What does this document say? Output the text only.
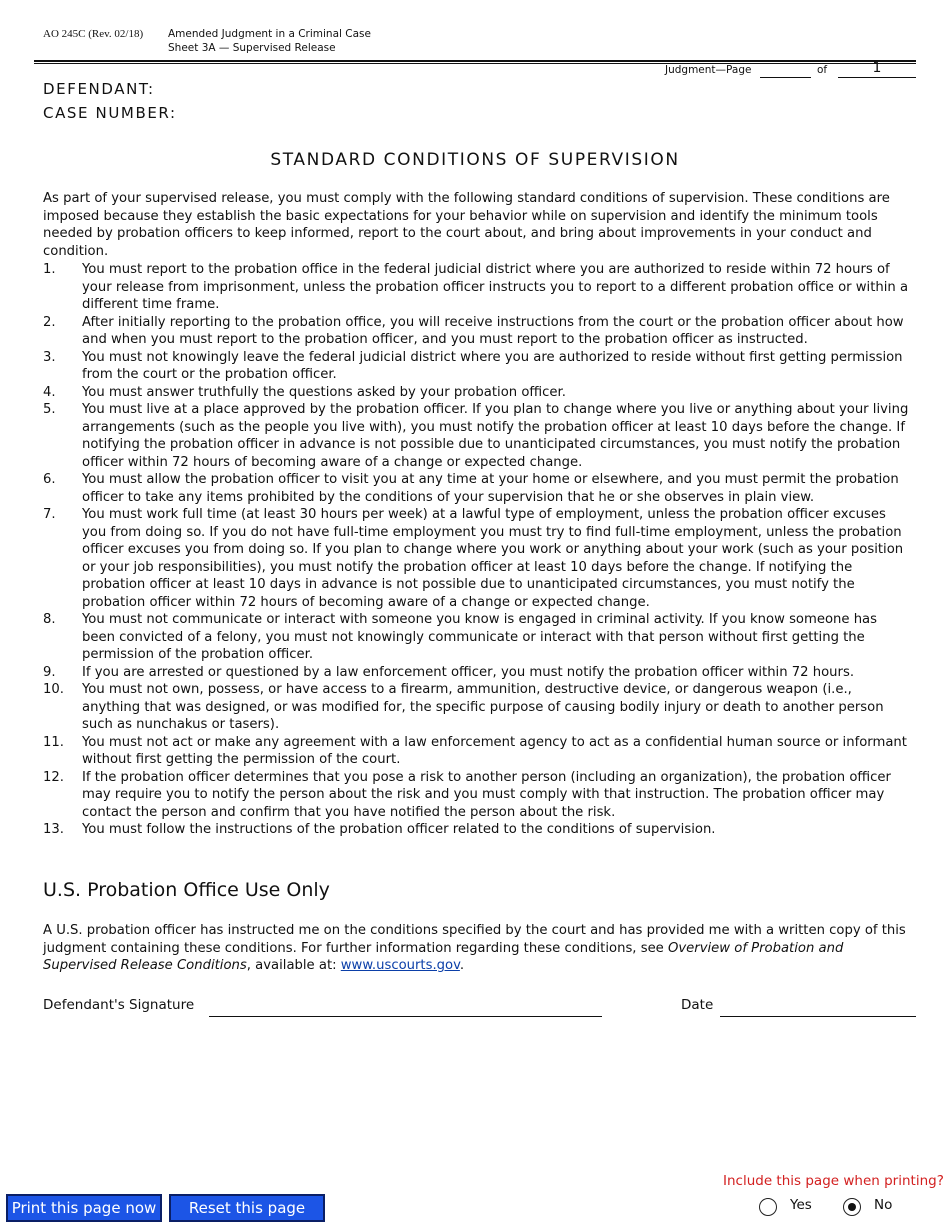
AO 245C (Rev. 02/18) Amended Judgment in a Criminal Case
Sheet 3A — Supervised Release
Judgment—Page	of	1
DEFENDANT:
CASE NUMBER:
STANDARD CONDITIONS OF SUPERVISION
As part of your supervised release, you must comply with the following standard conditions of supervision. These conditions are imposed because they establish the basic expectations for your behavior while on supervision and identify the minimum tools needed by probation officers to keep informed, report to the court about, and bring about improvements in your conduct and condition.
1. You must report to the probation office in the federal judicial district where you are authorized to reside within 72 hours of your release from imprisonment, unless the probation officer instructs you to report to a different probation office or within a different time frame.
2. After initially reporting to the probation office, you will receive instructions from the court or the probation officer about how and when you must report to the probation officer, and you must report to the probation officer as instructed.
3. You must not knowingly leave the federal judicial district where you are authorized to reside without first getting permission from the court or the probation officer.
4. You must answer truthfully the questions asked by your probation officer.
5. You must live at a place approved by the probation officer. If you plan to change where you live or anything about your living arrangements (such as the people you live with), you must notify the probation officer at least 10 days before the change. If notifying the probation officer in advance is not possible due to unanticipated circumstances, you must notify the probation officer within 72 hours of becoming aware of a change or expected change.
6. You must allow the probation officer to visit you at any time at your home or elsewhere, and you must permit the probation officer to take any items prohibited by the conditions of your supervision that he or she observes in plain view.
7. You must work full time (at least 30 hours per week) at a lawful type of employment, unless the probation officer excuses you from doing so. If you do not have full-time employment you must try to find full-time employment, unless the probation officer excuses you from doing so. If you plan to change where you work or anything about your work (such as your position or your job responsibilities), you must notify the probation officer at least 10 days before the change. If notifying the probation officer at least 10 days in advance is not possible due to unanticipated circumstances, you must notify the probation officer within 72 hours of becoming aware of a change or expected change.
8. You must not communicate or interact with someone you know is engaged in criminal activity. If you know someone has been convicted of a felony, you must not knowingly communicate or interact with that person without first getting the permission of the probation officer.
9. If you are arrested or questioned by a law enforcement officer, you must notify the probation officer within 72 hours.
10. You must not own, possess, or have access to a firearm, ammunition, destructive device, or dangerous weapon (i.e., anything that was designed, or was modified for, the specific purpose of causing bodily injury or death to another person such as nunchakus or tasers).
11. You must not act or make any agreement with a law enforcement agency to act as a confidential human source or informant without first getting the permission of the court.
12. If the probation officer determines that you pose a risk to another person (including an organization), the probation officer may require you to notify the person about the risk and you must comply with that instruction. The probation officer may contact the person and confirm that you have notified the person about the risk.
13. You must follow the instructions of the probation officer related to the conditions of supervision.
U.S. Probation Office Use Only
A U.S. probation officer has instructed me on the conditions specified by the court and has provided me with a written copy of this judgment containing these conditions. For further information regarding these conditions, see Overview of Probation and Supervised Release Conditions, available at: www.uscourts.gov.
Defendant's Signature	Date
Include this page when printing?
Yes	No
Print this page now	Reset this page
